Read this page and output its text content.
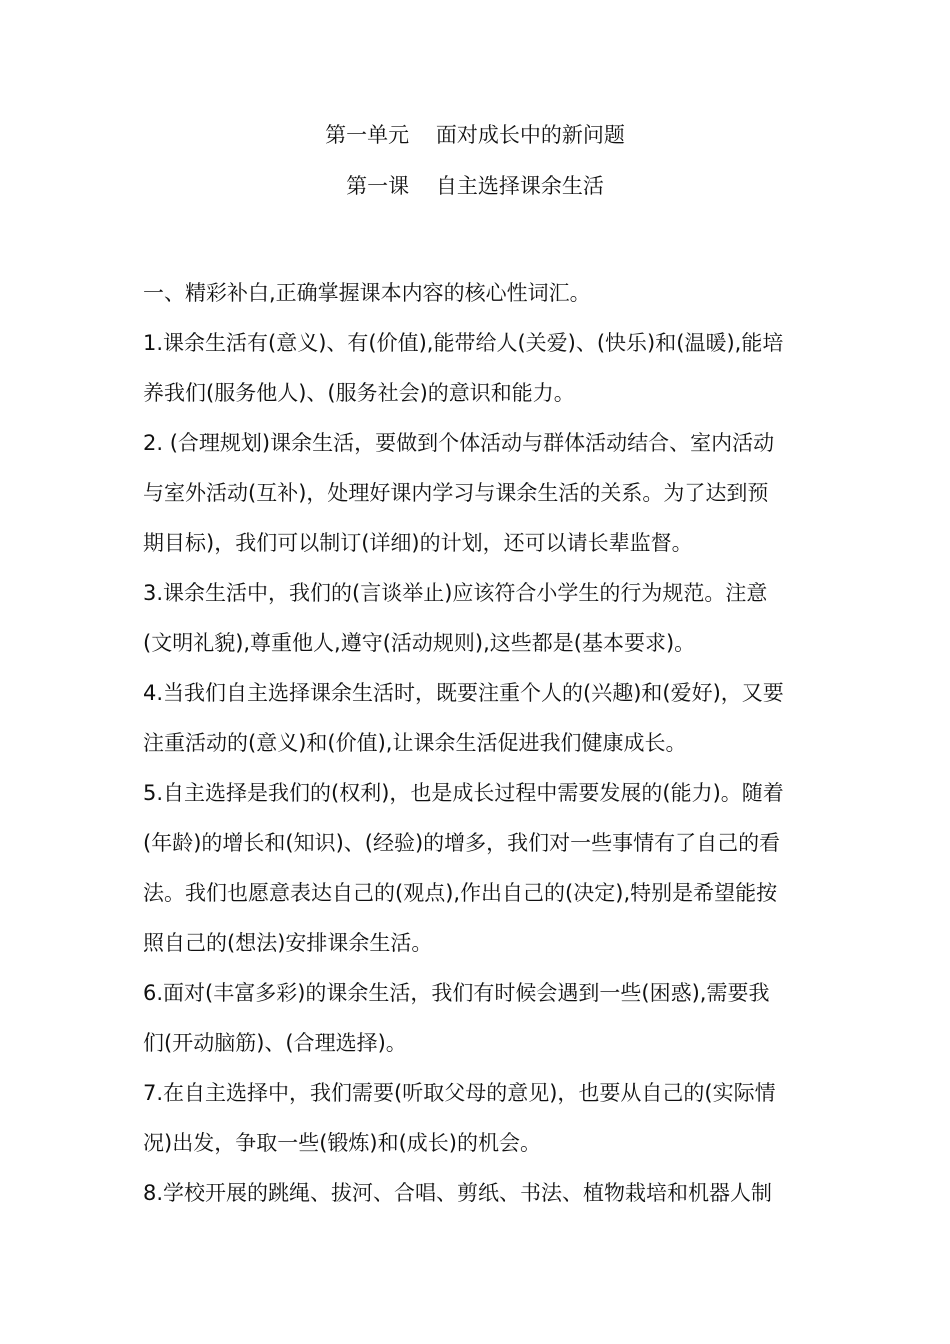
第一单元    面对成长中的新问题
第一课    自主选择课余生活

一、精彩补白,正确掌握课本内容的核心性词汇。

1.课余生活有(意义)、有(价值),能带给人(关爱)、(快乐)和(温暖),能培
养我们(服务他人)、(服务社会)的意识和能力。

2. (合理规划)课余生活，要做到个体活动与群体活动结合、室内活动
与室外活动(互补)，处理好课内学习与课余生活的关系。为了达到预
期目标)，我们可以制订(详细)的计划，还可以请长辈监督。

3.课余生活中，我们的(言谈举止)应该符合小学生的行为规范。注意
(文明礼貌),尊重他人,遵守(活动规则),这些都是(基本要求)。

4.当我们自主选择课余生活时，既要注重个人的(兴趣)和(爱好)，又要
注重活动的(意义)和(价值),让课余生活促进我们健康成长。

5.自主选择是我们的(权利)，也是成长过程中需要发展的(能力)。随着
(年龄)的增长和(知识)、(经验)的增多，我们对一些事情有了自己的看
法。我们也愿意表达自己的(观点),作出自己的(决定),特别是希望能按
照自己的(想法)安排课余生活。

6.面对(丰富多彩)的课余生活，我们有时候会遇到一些(困惑),需要我
们(开动脑筋)、(合理选择)。

7.在自主选择中，我们需要(听取父母的意见)，也要从自己的(实际情
况)出发，争取一些(锻炼)和(成长)的机会。

8.学校开展的跳绳、拔河、合唱、剪纸、书法、植物栽培和机器人制
